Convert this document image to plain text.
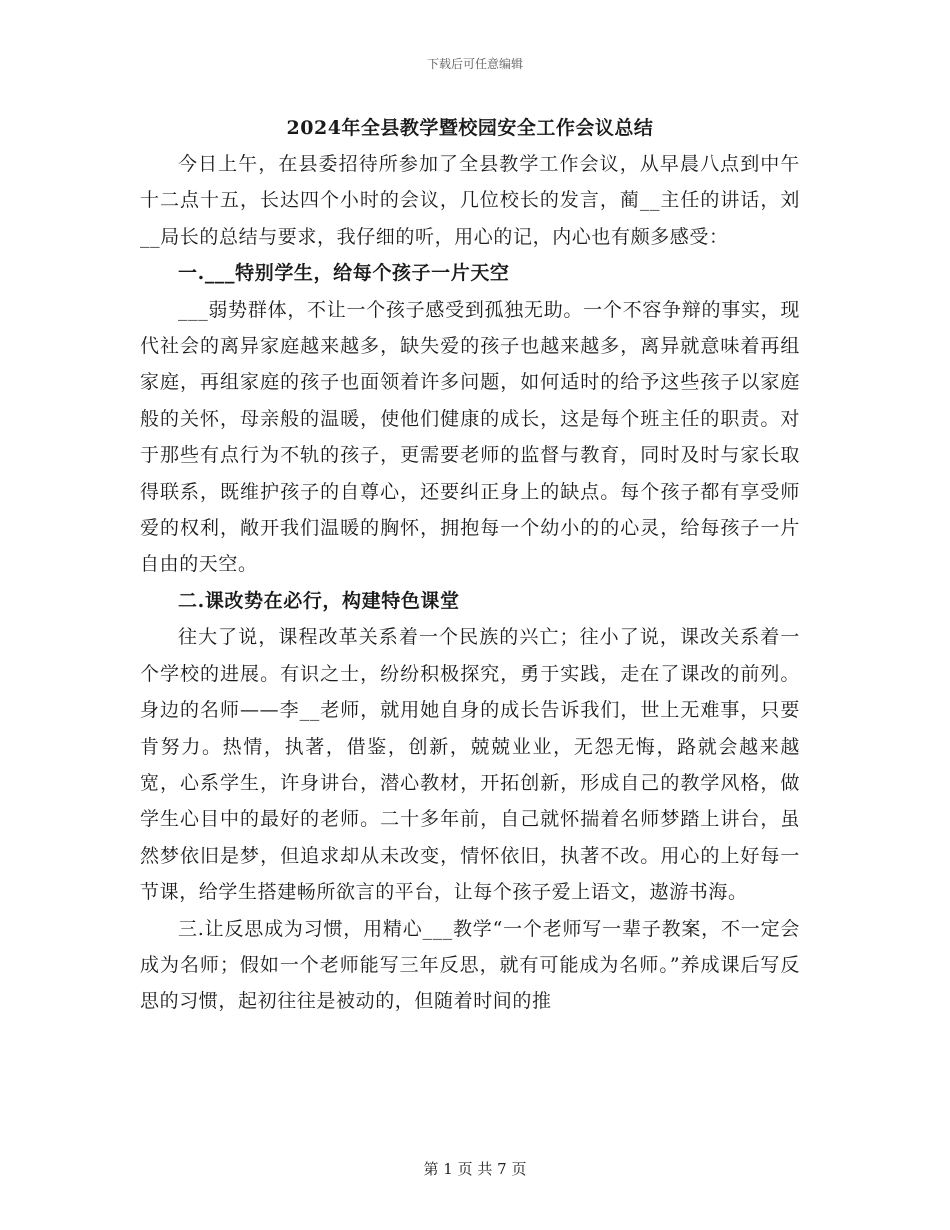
下载后可任意编辑
2024年全县教学暨校园安全工作会议总结

今日上午，在县委招待所参加了全县教学工作会议，从早晨八点到中午十二点十五，长达四个小时的会议，几位校长的发言，蔺__主任的讲话，刘__局长的总结与要求，我仔细的听，用心的记，内心也有颇多感受：

一.___特别学生，给每个孩子一片天空

___弱势群体，不让一个孩子感受到孤独无助。一个不容争辩的事实，现代社会的离异家庭越来越多，缺失爱的孩子也越来越多，离异就意味着再组家庭，再组家庭的孩子也面领着许多问题，如何适时的给予这些孩子以家庭般的关怀，母亲般的温暖，使他们健康的成长，这是每个班主任的职责。对于那些有点行为不轨的孩子，更需要老师的监督与教育，同时及时与家长取得联系，既维护孩子的自尊心，还要纠正身上的缺点。每个孩子都有享受师爱的权利，敞开我们温暖的胸怀，拥抱每一个幼小的的心灵，给每孩子一片自由的天空。

二.课改势在必行，构建特色课堂

往大了说，课程改革关系着一个民族的兴亡；往小了说，课改关系着一个学校的进展。有识之士，纷纷积极探究，勇于实践，走在了课改的前列。身边的名师——李__老师，就用她自身的成长告诉我们，世上无难事，只要肯努力。热情，执著，借鉴，创新，兢兢业业，无怨无悔，路就会越来越宽，心系学生，许身讲台，潜心教材，开拓创新，形成自己的教学风格，做学生心目中的最好的老师。二十多年前，自己就怀揣着名师梦踏上讲台，虽然梦依旧是梦，但追求却从未改变，情怀依旧，执著不改。用心的上好每一节课，给学生搭建畅所欲言的平台，让每个孩子爱上语文，遨游书海。

三.让反思成为习惯，用精心___教学“一个老师写一辈子教案，不一定会成为名师；假如一个老师能写三年反思，就有可能成为名师。”养成课后写反思的习惯，起初往往是被动的，但随着时间的推

第 1 页 共 7 页
